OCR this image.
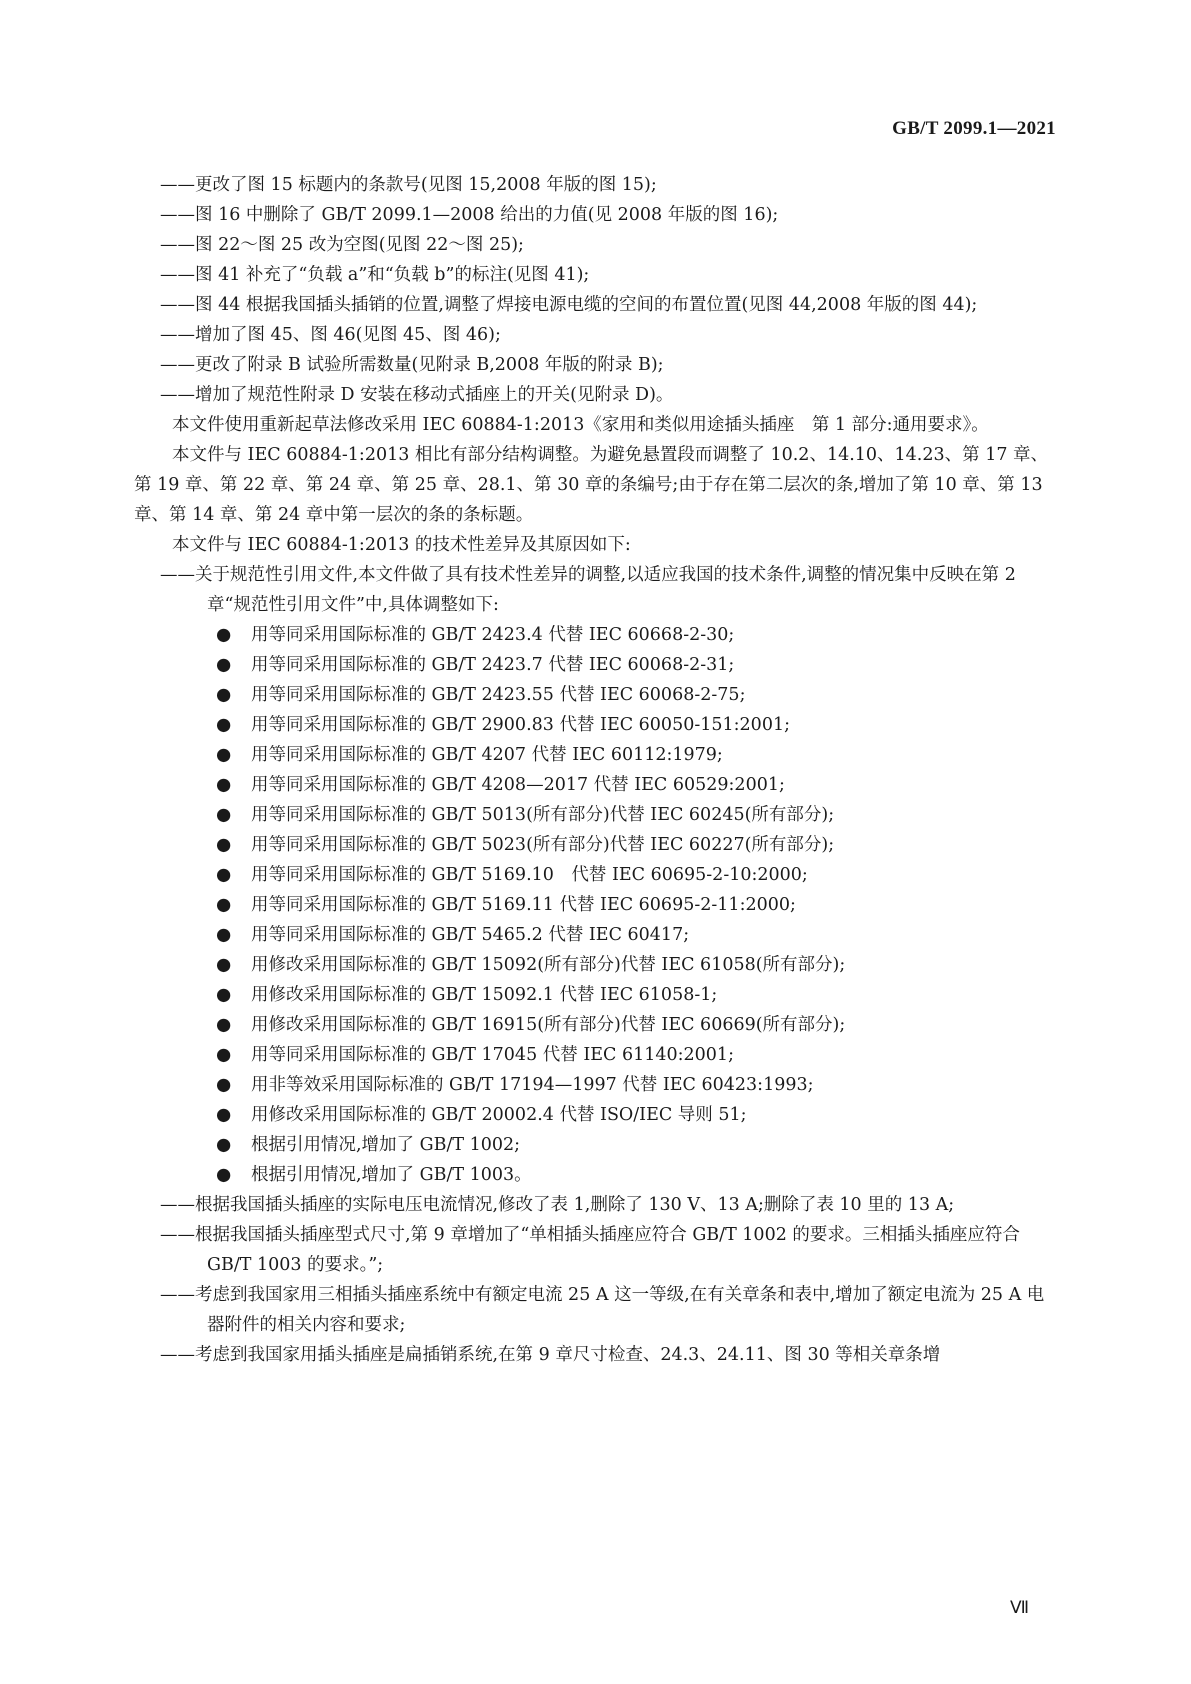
GB/T 2099.1—2021

——更改了图 15 标题内的条款号(见图 15,2008 年版的图 15);

——图 16 中删除了 GB/T 2099.1—2008 给出的力值(见 2008 年版的图 16);

——图 22～图 25 改为空图(见图 22～图 25);

——图 41 补充了“负载 a”和“负载 b”的标注(见图 41);

——图 44 根据我国插头插销的位置,调整了焊接电源电缆的空间的布置位置(见图 44,2008 年版的图 44);

——增加了图 45、图 46(见图 45、图 46);

——更改了附录 B 试验所需数量(见附录 B,2008 年版的附录 B);

——增加了规范性附录 D 安装在移动式插座上的开关(见附录 D)。

本文件使用重新起草法修改采用 IEC 60884-1:2013《家用和类似用途插头插座　第 1 部分:通用要求》。

本文件与 IEC 60884-1:2013 相比有部分结构调整。为避免悬置段而调整了 10.2、14.10、14.23、第 17 章、第 19 章、第 22 章、第 24 章、第 25 章、28.1、第 30 章的条编号;由于存在第二层次的条,增加了第 10 章、第 13 章、第 14 章、第 24 章中第一层次的条的条标题。

本文件与 IEC 60884-1:2013 的技术性差异及其原因如下:

——关于规范性引用文件,本文件做了具有技术性差异的调整,以适应我国的技术条件,调整的情况集中反映在第 2 章“规范性引用文件”中,具体调整如下:

● 用等同采用国际标准的 GB/T 2423.4 代替 IEC 60668-2-30;

● 用等同采用国际标准的 GB/T 2423.7 代替 IEC 60068-2-31;

● 用等同采用国际标准的 GB/T 2423.55 代替 IEC 60068-2-75;

● 用等同采用国际标准的 GB/T 2900.83 代替 IEC 60050-151:2001;

● 用等同采用国际标准的 GB/T 4207 代替 IEC 60112:1979;

● 用等同采用国际标准的 GB/T 4208—2017 代替 IEC 60529:2001;

● 用等同采用国际标准的 GB/T 5013(所有部分)代替 IEC 60245(所有部分);

● 用等同采用国际标准的 GB/T 5023(所有部分)代替 IEC 60227(所有部分);

● 用等同采用国际标准的 GB/T 5169.10　代替 IEC 60695-2-10:2000;

● 用等同采用国际标准的 GB/T 5169.11 代替 IEC 60695-2-11:2000;

● 用等同采用国际标准的 GB/T 5465.2 代替 IEC 60417;

● 用修改采用国际标准的 GB/T 15092(所有部分)代替 IEC 61058(所有部分);

● 用修改采用国际标准的 GB/T 15092.1 代替 IEC 61058-1;

● 用修改采用国际标准的 GB/T 16915(所有部分)代替 IEC 60669(所有部分);

● 用等同采用国际标准的 GB/T 17045 代替 IEC 61140:2001;

● 用非等效采用国际标准的 GB/T 17194—1997 代替 IEC 60423:1993;

● 用修改采用国际标准的 GB/T 20002.4 代替 ISO/IEC 导则 51;

● 根据引用情况,增加了 GB/T 1002;

● 根据引用情况,增加了 GB/T 1003。

——根据我国插头插座的实际电压电流情况,修改了表 1,删除了 130 V、13 A;删除了表 10 里的 13 A;

——根据我国插头插座型式尺寸,第 9 章增加了“单相插头插座应符合 GB/T 1002 的要求。三相插头插座应符合 GB/T 1003 的要求。”;

——考虑到我国家用三相插头插座系统中有额定电流 25 A 这一等级,在有关章条和表中,增加了额定电流为 25 A 电器附件的相关内容和要求;

——考虑到我国家用插头插座是扁插销系统,在第 9 章尺寸检查、24.3、24.11、图 30 等相关章条增

Ⅶ
